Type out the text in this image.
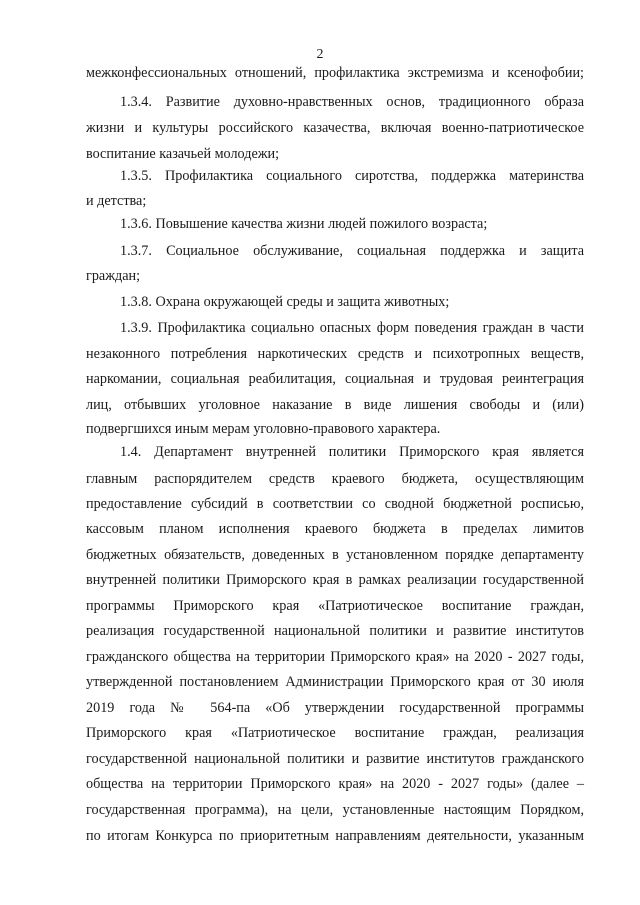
2
межконфессиональных отношений, профилактика экстремизма и ксенофобии;
1.3.4. Развитие духовно-нравственных основ, традиционного образа
жизни и культуры российского казачества, включая военно-патриотическое
воспитание казачьей молодежи;
1.3.5. Профилактика социального сиротства, поддержка материнства
и детства;
1.3.6. Повышение качества жизни людей пожилого возраста;
1.3.7. Социальное обслуживание, социальная поддержка и защита
граждан;
1.3.8. Охрана окружающей среды и защита животных;
1.3.9. Профилактика социально опасных форм поведения граждан в части
незаконного потребления наркотических средств и психотропных веществ,
наркомании, социальная реабилитация, социальная и трудовая реинтеграция
лиц, отбывших уголовное наказание в виде лишения свободы и (или)
подвергшихся иным мерам уголовно-правового характера.
1.4. Департамент внутренней политики Приморского края является
главным распорядителем средств краевого бюджета, осуществляющим
предоставление субсидий в соответствии со сводной бюджетной росписью,
кассовым планом исполнения краевого бюджета в пределах лимитов
бюджетных обязательств, доведенных в установленном порядке департаменту
внутренней политики Приморского края в рамках реализации государственной
программы Приморского края «Патриотическое воспитание граждан,
реализация государственной национальной политики и развитие институтов
гражданского общества на территории Приморского края» на 2020 - 2027 годы,
утвержденной постановлением Администрации Приморского края от 30 июля
2019 года № 564-па «Об утверждении государственной программы
Приморского края «Патриотическое воспитание граждан, реализация
государственной национальной политики и развитие институтов гражданского
общества на территории Приморского края» на 2020 - 2027 годы» (далее –
государственная программа), на цели, установленные настоящим Порядком,
по итогам Конкурса по приоритетным направлениям деятельности, указанным
